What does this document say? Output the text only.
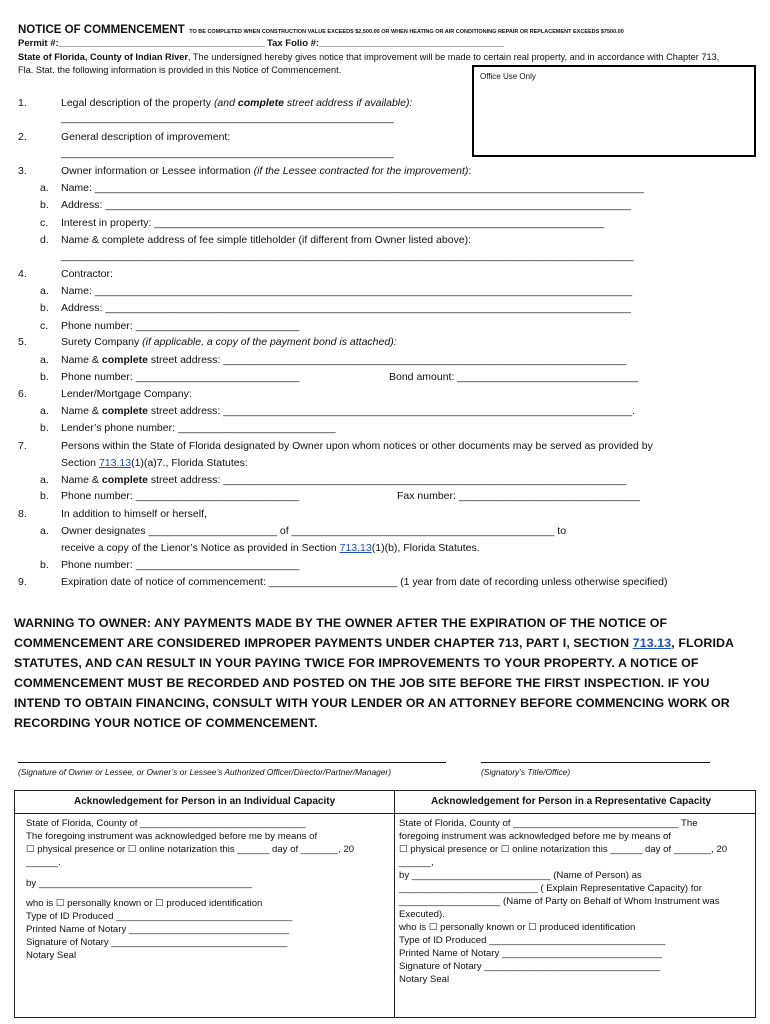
NOTICE OF COMMENCEMENT TO BE COMPLETED WHEN CONSTRUCTION VALUE EXCEEDS $2,500.00 OR WHEN HEATING OR AIR CONDITIONING REPAIR OR REPLACEMENT EXCEEDS $7500.00
Permit #:_______________________________________ Tax Folio #:___________________________________
State of Florida, County of Indian River, The undersigned hereby gives notice that improvement will be made to certain real property, and in accordance with Chapter 713,
Fla. Stat. the following information is provided in this Notice of Commencement.
Office Use Only
1.	Legal description of the property (and complete street address if available):
_________________________________________________________
2.	General description of improvement:
_________________________________________________________
3.	Owner information or Lessee information (if the Lessee contracted for the improvement):
a. Name: ______________________________________________________________________________________________
b. Address: __________________________________________________________________________________________
c. Interest in property: _____________________________________________________________________________
d. Name & complete address of fee simple titleholder (if different from Owner listed above):
__________________________________________________________________________________________________
4.	Contractor:
a. Name: ____________________________________________________________________________________________
b. Address: __________________________________________________________________________________________
c. Phone number: ____________________________
5.	Surety Company (if applicable, a copy of the payment bond is attached):
a. Name & complete street address: _____________________________________________________________________
b. Phone number: ____________________________	Bond amount: _______________________________
6.	Lender/Mortgage Company:
a. Name & complete street address: ______________________________________________________________________.
b. Lender’s phone number: ___________________________
7.	Persons within the State of Florida designated by Owner upon whom notices or other documents may be served as provided by
Section 713.13(1)(a)7., Florida Statutes:
a. Name & complete street address: _____________________________________________________________________
b. Phone number: ____________________________	Fax number: _______________________________
8.	In addition to himself or herself,
a. Owner designates ______________________ of _____________________________________________ to
receive a copy of the Lienor’s Notice as provided in Section 713.13(1)(b), Florida Statutes.
b. Phone number: ____________________________
9.	Expiration date of notice of commencement: ______________________ (1 year from date of recording unless otherwise specified)
WARNING TO OWNER: ANY PAYMENTS MADE BY THE OWNER AFTER THE EXPIRATION OF THE NOTICE OF COMMENCEMENT ARE CONSIDERED IMPROPER PAYMENTS UNDER CHAPTER 713, PART I, SECTION 713.13, FLORIDA STATUTES, AND CAN RESULT IN YOUR PAYING TWICE FOR IMPROVEMENTS TO YOUR PROPERTY. A NOTICE OF COMMENCEMENT MUST BE RECORDED AND POSTED ON THE JOB SITE BEFORE THE FIRST INSPECTION. IF YOU INTEND TO OBTAIN FINANCING, CONSULT WITH YOUR LENDER OR AN ATTORNEY BEFORE COMMENCING WORK OR RECORDING YOUR NOTICE OF COMMENCEMENT.
(Signature of Owner or Lessee, or Owner’s or Lessee’s Authorized Officer/Director/Partner/Manager)	(Signatory’s Title/Office)
Acknowledgement for Person in an Individual Capacity	Acknowledgement for Person in a Representative Capacity
State of Florida, County of _______________________________
The foregoing instrument was acknowledged before me by means of
☐ physical presence or ☐ online notarization this ______ day of _______, 20
______.
by ________________________________________
who is ☐ personally known or ☐ produced identification
Type of ID Produced _________________________________
Printed Name of Notary ______________________________
Signature of Notary _________________________________
Notary Seal
State of Florida, County of _______________________________ The
foregoing instrument was acknowledged before me by means of
☐ physical presence or ☐ online notarization this ______ day of _______, 20
______,
by __________________________ (Name of Person) as
__________________________ ( Explain Representative Capacity) for
___________________ (Name of Party on Behalf of Whom Instrument was
Executed).
who is ☐ personally known or ☐ produced identification
Type of ID Produced _________________________________
Printed Name of Notary ______________________________
Signature of Notary _________________________________
Notary Seal
